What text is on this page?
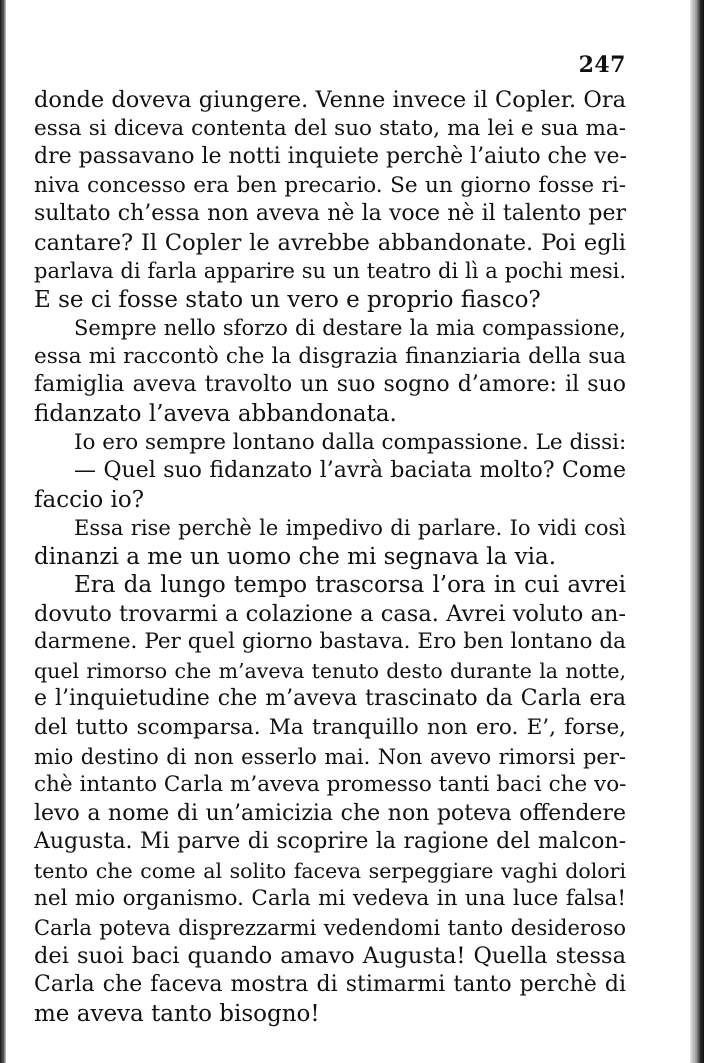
247
donde doveva giungere. Venne invece il Copler. Ora
essa si diceva contenta del suo stato, ma lei e sua ma-
dre passavano le notti inquiete perchè l’aiuto che ve-
niva concesso era ben precario. Se un giorno fosse ri-
sultato ch’essa non aveva nè la voce nè il talento per
cantare? Il Copler le avrebbe abbandonate. Poi egli
parlava di farla apparire su un teatro di lì a pochi mesi.
E se ci fosse stato un vero e proprio fiasco?
Sempre nello sforzo di destare la mia compassione,
essa mi raccontò che la disgrazia finanziaria della sua
famiglia aveva travolto un suo sogno d’amore: il suo
fidanzato l’aveva abbandonata.
Io ero sempre lontano dalla compassione. Le dissi:
— Quel suo fidanzato l’avrà baciata molto? Come
faccio io?
Essa rise perchè le impedivo di parlare. Io vidi così
dinanzi a me un uomo che mi segnava la via.
Era da lungo tempo trascorsa l’ora in cui avrei
dovuto trovarmi a colazione a casa. Avrei voluto an-
darmene. Per quel giorno bastava. Ero ben lontano da
quel rimorso che m’aveva tenuto desto durante la notte,
e l’inquietudine che m’aveva trascinato da Carla era
del tutto scomparsa. Ma tranquillo non ero. E’, forse,
mio destino di non esserlo mai. Non avevo rimorsi per-
chè intanto Carla m’aveva promesso tanti baci che vo-
levo a nome di un’amicizia che non poteva offendere
Augusta. Mi parve di scoprire la ragione del malcon-
tento che come al solito faceva serpeggiare vaghi dolori
nel mio organismo. Carla mi vedeva in una luce falsa!
Carla poteva disprezzarmi vedendomi tanto desideroso
dei suoi baci quando amavo Augusta! Quella stessa
Carla che faceva mostra di stimarmi tanto perchè di
me aveva tanto bisogno!
